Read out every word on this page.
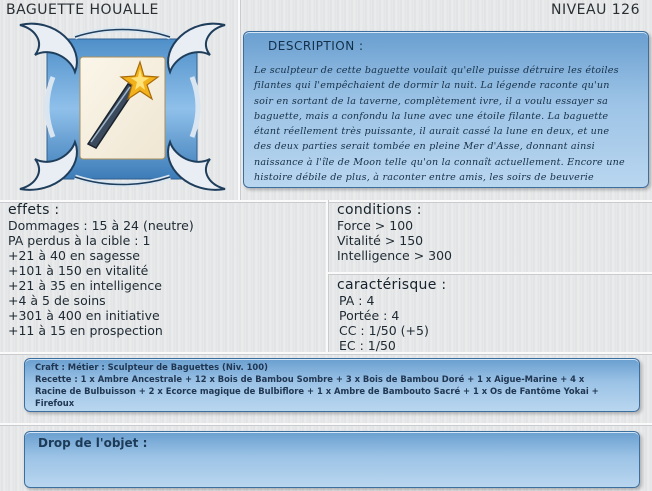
BAGUETTE HOUALLE	NIVEAU 126
DESCRIPTION :
Le sculpteur de cette baguette voulait qu'elle puisse détruire les étoiles
filantes qui l'empêchaient de dormir la nuit. La légende raconte qu'un
soir en sortant de la taverne, complètement ivre, il a voulu essayer sa
baguette, mais a confondu la lune avec une étoile filante. La baguette
étant réellement très puissante, il aurait cassé la lune en deux, et une
des deux parties serait tombée en pleine Mer d'Asse, donnant ainsi
naissance à l'île de Moon telle qu'on la connaît actuellement. Encore une
histoire débile de plus, à raconter entre amis, les soirs de beuverie
effets :
Dommages : 15 à 24 (neutre)
PA perdus à la cible : 1
+21 à 40 en sagesse
+101 à 150 en vitalité
+21 à 35 en intelligence
+4 à 5 de soins
+301 à 400 en initiative
+11 à 15 en prospection
conditions :
Force > 100
Vitalité > 150
Intelligence > 300
caractérisque :
PA : 4
Portée : 4
CC : 1/50 (+5)
EC : 1/50
Craft : Métier : Sculpteur de Baguettes (Niv. 100)
Recette : 1 x Ambre Ancestrale + 12 x Bois de Bambou Sombre + 3 x Bois de Bambou Doré + 1 x Aigue-Marine + 4 x
Racine de Bulbuisson + 2 x Ecorce magique de Bulbiflore + 1 x Ambre de Bambouto Sacré + 1 x Os de Fantôme Yokai +
Firefoux
Drop de l'objet :
